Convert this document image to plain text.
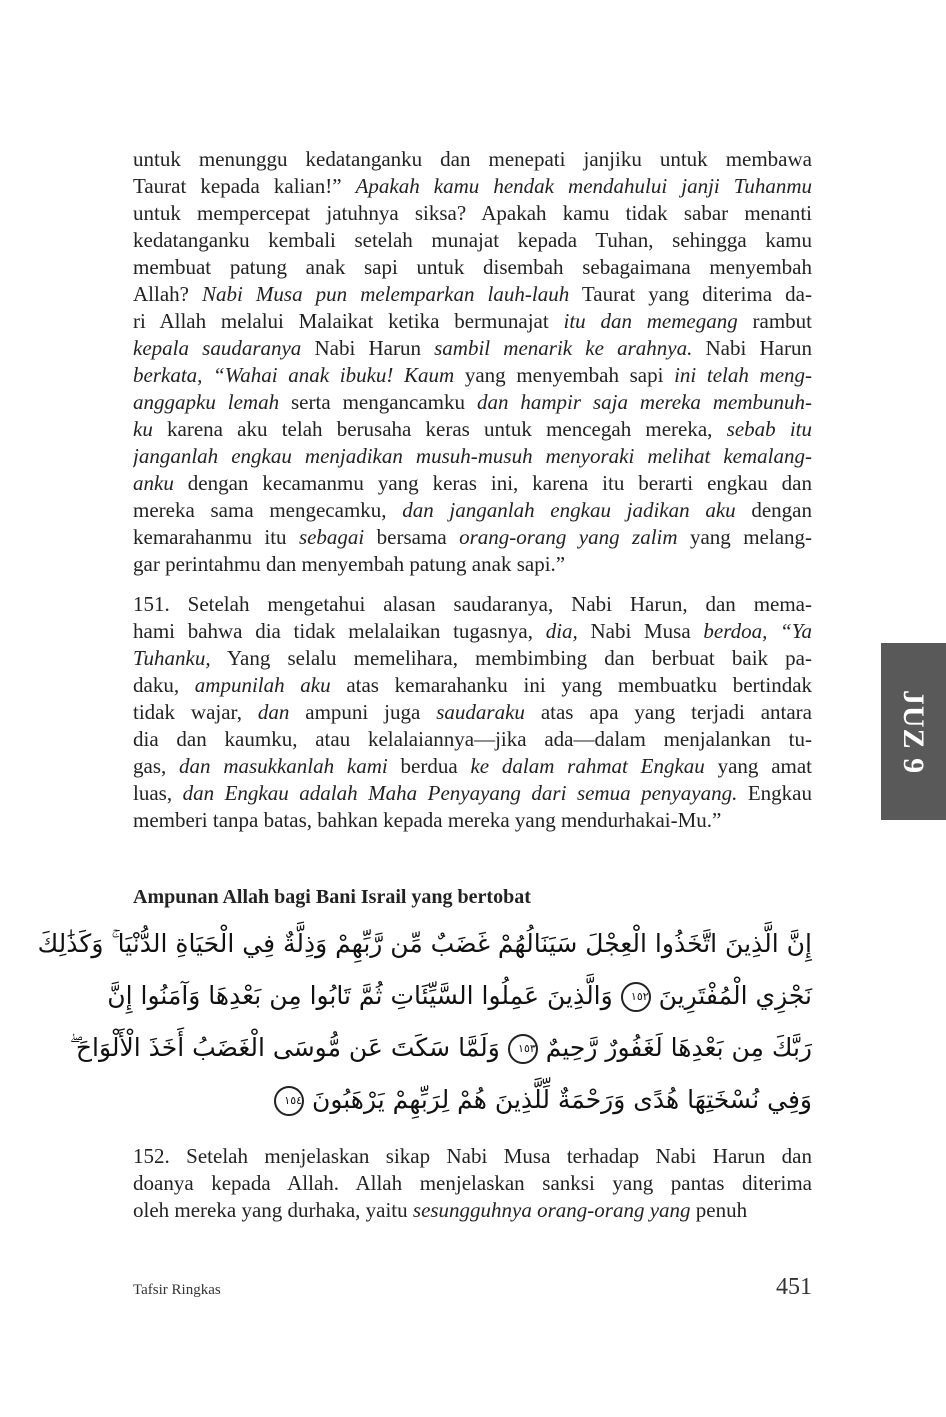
untuk menunggu kedatanganku dan menepati janjiku untuk membawa
Taurat kepada kalian!” Apakah kamu hendak mendahului janji Tuhanmu
untuk mempercepat jatuhnya siksa? Apakah kamu tidak sabar menanti
kedatanganku kembali setelah munajat kepada Tuhan, sehingga kamu
membuat patung anak sapi untuk disembah sebagaimana menyembah
Allah? Nabi Musa pun melemparkan lauh-lauh Taurat yang diterima da-
ri Allah melalui Malaikat ketika bermunajat itu dan memegang rambut
kepala saudaranya Nabi Harun sambil menarik ke arahnya. Nabi Harun
berkata, “Wahai anak ibuku! Kaum yang menyembah sapi ini telah meng-
anggapku lemah serta mengancamku dan hampir saja mereka membunuh-
ku karena aku telah berusaha keras untuk mencegah mereka, sebab itu
janganlah engkau menjadikan musuh-musuh menyoraki melihat kemalang-
anku dengan kecamanmu yang keras ini, karena itu berarti engkau dan
mereka sama mengecamku, dan janganlah engkau jadikan aku dengan
kemarahanmu itu sebagai bersama orang-orang yang zalim yang melang-
gar perintahmu dan menyembah patung anak sapi.”
151. Setelah mengetahui alasan saudaranya, Nabi Harun, dan mema-
hami bahwa dia tidak melalaikan tugasnya, dia, Nabi Musa berdoa, “Ya
Tuhanku, Yang selalu memelihara, membimbing dan berbuat baik pa-
daku, ampunilah aku atas kemarahanku ini yang membuatku bertindak
tidak wajar, dan ampuni juga saudaraku atas apa yang terjadi antara
dia dan kaumku, atau kelalaiannya—jika ada—dalam menjalankan tu-
gas, dan masukkanlah kami berdua ke dalam rahmat Engkau yang amat
luas, dan Engkau adalah Maha Penyayang dari semua penyayang. Engkau
memberi tanpa batas, bahkan kepada mereka yang mendurhakai-Mu.”
Ampunan Allah bagi Bani Israil yang bertobat
إِنَّ الَّذِينَ اتَّخَذُوا الْعِجْلَ سَيَنَالُهُمْ غَضَبٌ مِّن رَّبِّهِمْ وَذِلَّةٌ فِي الْحَيَاةِ الدُّنْيَا ۚ وَكَذَٰلِكَ
نَجْزِي الْمُفْتَرِينَ ١٥٢ وَالَّذِينَ عَمِلُوا السَّيِّئَاتِ ثُمَّ تَابُوا مِن بَعْدِهَا وَآمَنُوا إِنَّ
رَبَّكَ مِن بَعْدِهَا لَغَفُورٌ رَّحِيمٌ ١٥٣ وَلَمَّا سَكَتَ عَن مُّوسَى الْغَضَبُ أَخَذَ الْأَلْوَاحَ ۖ
وَفِي نُسْخَتِهَا هُدًى وَرَحْمَةٌ لِّلَّذِينَ هُمْ لِرَبِّهِمْ يَرْهَبُونَ ١٥٤
152. Setelah menjelaskan sikap Nabi Musa terhadap Nabi Harun dan
doanya kepada Allah. Allah menjelaskan sanksi yang pantas diterima
oleh mereka yang durhaka, yaitu sesungguhnya orang-orang yang penuh
Tafsir Ringkas	451
JUZ 9
